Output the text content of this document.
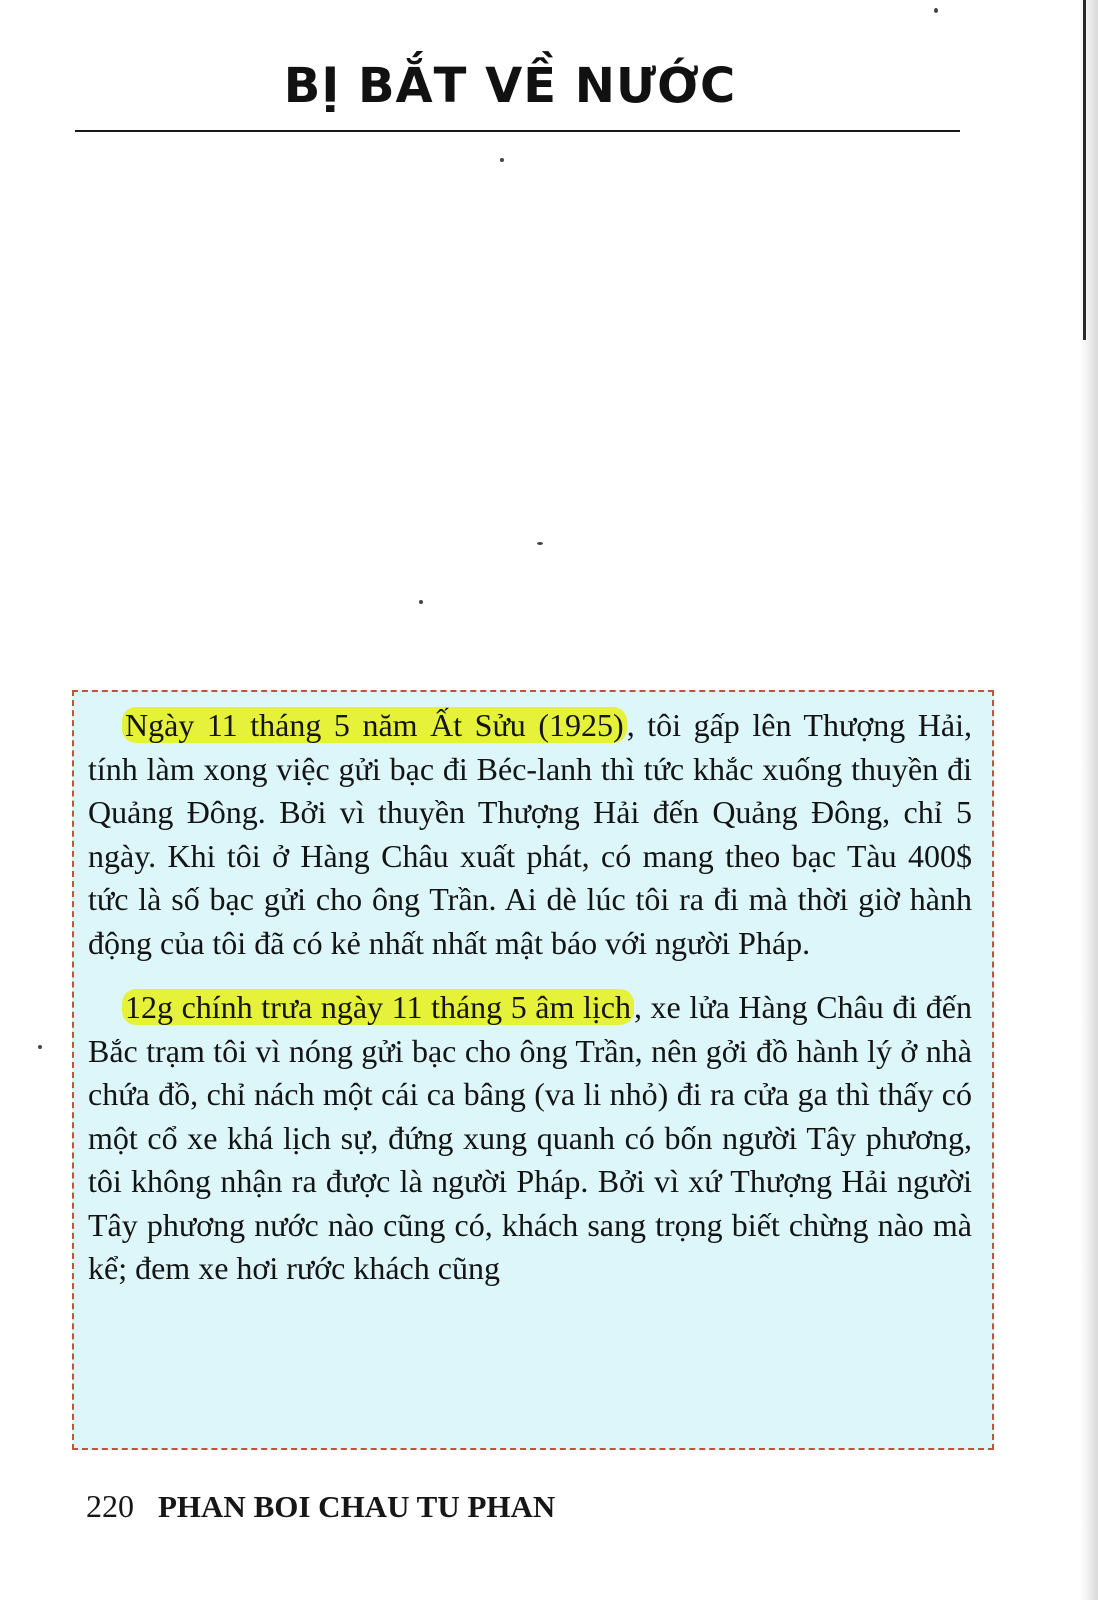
BỊ BẮT VỀ NƯỚC

Ngày 11 tháng 5 năm Ất Sửu (1925), tôi gấp lên Thượng Hải, tính làm xong việc gửi bạc đi Béc-lanh thì tức khắc xuống thuyền đi Quảng Đông. Bởi vì thuyền Thượng Hải đến Quảng Đông, chỉ 5 ngày. Khi tôi ở Hàng Châu xuất phát, có mang theo bạc Tàu 400$ tức là số bạc gửi cho ông Trần. Ai dè lúc tôi ra đi mà thời giờ hành động của tôi đã có kẻ nhất nhất mật báo với người Pháp.

12g chính trưa ngày 11 tháng 5 âm lịch, xe lửa Hàng Châu đi đến Bắc trạm tôi vì nóng gửi bạc cho ông Trần, nên gởi đồ hành lý ở nhà chứa đồ, chỉ nách một cái ca bâng (va li nhỏ) đi ra cửa ga thì thấy có một cổ xe khá lịch sự, đứng xung quanh có bốn người Tây phương, tôi không nhận ra được là người Pháp. Bởi vì xứ Thượng Hải người Tây phương nước nào cũng có, khách sang trọng biết chừng nào mà kể; đem xe hơi rước khách cũng

220 PHAN BOI CHAU TU PHAN
